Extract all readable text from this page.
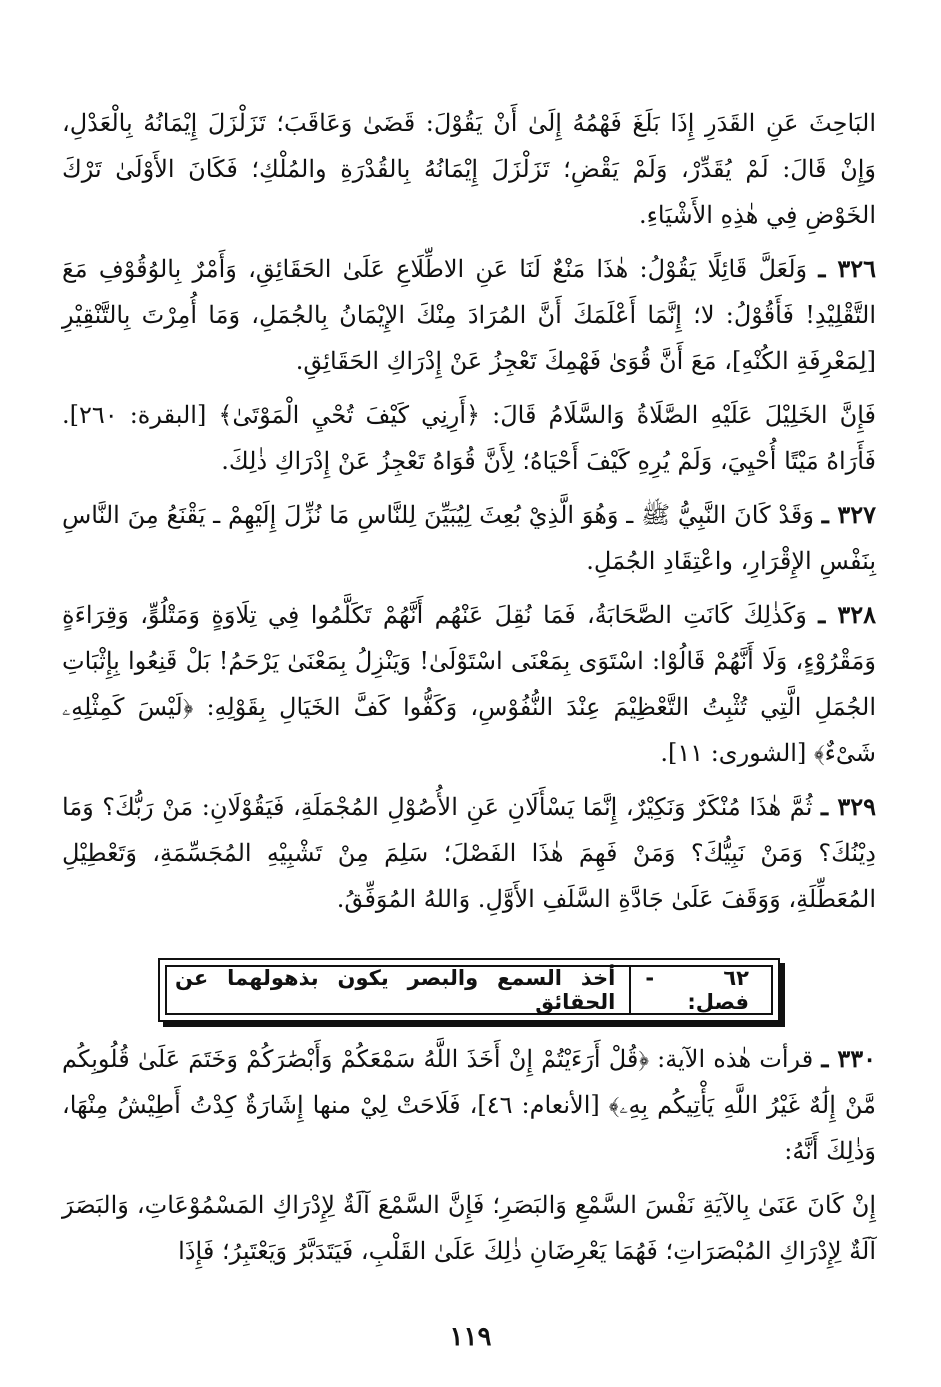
البَاحِثَ عَنِ القَدَرِ إِذَا بَلَغَ فَهْمُهُ إِلَىٰ أَنْ يَقُوْلَ: قَضَىٰ وَعَاقَبَ؛ تَزَلْزَلَ إِيْمَانُهُ بِالْعَدْلِ، وَإِنْ قَالَ: لَمْ يُقَدِّرْ، وَلَمْ يَقْضِ؛ تَزَلْزَلَ إِيْمَانُهُ بِالقُدْرَةِ والمُلْكِ؛ فَكَانَ الأَوْلَىٰ تَرْكَ الخَوْضِ فِي هٰذِهِ الأَشْيَاءِ.

٣٢٦ ـ وَلَعَلَّ قَائِلًا يَقُوْلُ: هٰذَا مَنْعٌ لَنَا عَنِ الاطِّلَاعِ عَلَىٰ الحَقَائِقِ، وَأَمْرٌ بِالوُقُوْفِ مَعَ التَّقْلِيْدِ! فَأَقُوْلُ: لا؛ إِنَّمَا أَعْلَمَكَ أَنَّ المُرَادَ مِنْكَ الإِيْمَانُ بِالجُمَلِ، وَمَا أُمِرْتَ بِالتَّنْقِيْرِ [لِمَعْرِفَةِ الكُنْهِ]، مَعَ أَنَّ قُوَىٰ فَهْمِكَ تَعْجِزُ عَنْ إِدْرَاكِ الحَقَائِقِ.

فَإِنَّ الخَلِيْلَ عَلَيْهِ الصَّلَاةُ وَالسَّلَامُ قَالَ: ﴿أَرِنِي كَيْفَ تُحْيِ الْمَوْتَىٰ﴾ [البقرة: ٢٦٠]. فَأَرَاهُ مَيْتًا أُحْيِيَ، وَلَمْ يُرِهِ كَيْفَ أَحْيَاهُ؛ لِأَنَّ قُوَاهُ تَعْجِزُ عَنْ إِدْرَاكِ ذٰلِكَ.

٣٢٧ ـ وَقَدْ كَانَ النَّبِيُّ ﷺ ـ وَهُوَ الَّذِيْ بُعِثَ لِيُبَيِّنَ لِلنَّاسِ مَا نُزِّلَ إِلَيْهِمْ ـ يَقْنَعُ مِنَ النَّاسِ بِنَفْسِ الإِقْرَارِ، واعْتِقَادِ الجُمَلِ.

٣٢٨ ـ وَكَذٰلِكَ كَانَتِ الصَّحَابَةُ، فَمَا نُقِلَ عَنْهُم أَنَّهُمْ تَكَلَّمُوا فِي تِلَاوَةٍ وَمَتْلُوٍّ، وَقِرَاءَةٍ وَمَقْرُوْءٍ، وَلَا أَنَّهُمْ قَالُوْا: اسْتَوَى بِمَعْنَى اسْتَوْلَىٰ! وَيَنْزِلُ بِمَعْنَىٰ يَرْحَمُ! بَلْ قَنِعُوا بِإِثْبَاتِ الجُمَلِ الَّتِي تُثْبِتُ التَّعْظِيْمَ عِنْدَ النُّفُوْسِ، وَكَفُّوا كَفَّ الخَيَالِ بِقَوْلِهِ: ﴿لَيْسَ كَمِثْلِهِۦ شَىْءٌ﴾ [الشورى: ١١].

٣٢٩ ـ ثُمَّ هٰذَا مُنْكَرٌ وَنَكِيْرٌ، إِنَّمَا يَسْأَلَانِ عَنِ الأُصُوْلِ المُجْمَلَةِ، فَيَقُوْلَانِ: مَنْ رَبُّكَ؟ وَمَا دِيْنُكَ؟ وَمَنْ نَبِيُّكَ؟ وَمَنْ فَهِمَ هٰذَا الفَصْلَ؛ سَلِمَ مِنْ تَشْبِيْهِ المُجَسِّمَةِ، وَتَعْطِيْلِ المُعَطِّلَةِ، وَوَقَفَ عَلَىٰ جَادَّةِ السَّلَفِ الأَوَّلِ. وَاللهُ المُوَفِّقُ.

٦٢ - فصل:
أخذ السمع والبصر يكون بذهولهما عن الحقائق

٣٣٠ ـ قرأت هٰذه الآية: ﴿قُلْ أَرَءَيْتُمْ إِنْ أَخَذَ اللَّهُ سَمْعَكُمْ وَأَبْصَٰرَكُمْ وَخَتَمَ عَلَىٰ قُلُوبِكُم مَّنْ إِلَٰهٌ غَيْرُ اللَّهِ يَأْتِيكُم بِهِۦ﴾ [الأنعام: ٤٦]، فَلَاحَتْ لِيْ منها إِشَارَةٌ كِدْتُ أَطِيْشُ مِنْهَا، وَذٰلِكَ أَنَّهُ:

إِنْ كَانَ عَنَىٰ بِالآيَةِ نَفْسَ السَّمْعِ وَالبَصَرِ؛ فَإِنَّ السَّمْعَ آلَةٌ لِإِدْرَاكِ المَسْمُوْعَاتِ، وَالبَصَرَ آلَةٌ لِإِدْرَاكِ المُبْصَرَاتِ؛ فَهُمَا يَعْرِضَانِ ذٰلِكَ عَلَىٰ القَلْبِ، فَيَتَدَبَّرُ وَيَعْتَبِرُ؛ فَإِذَا

١١٩
